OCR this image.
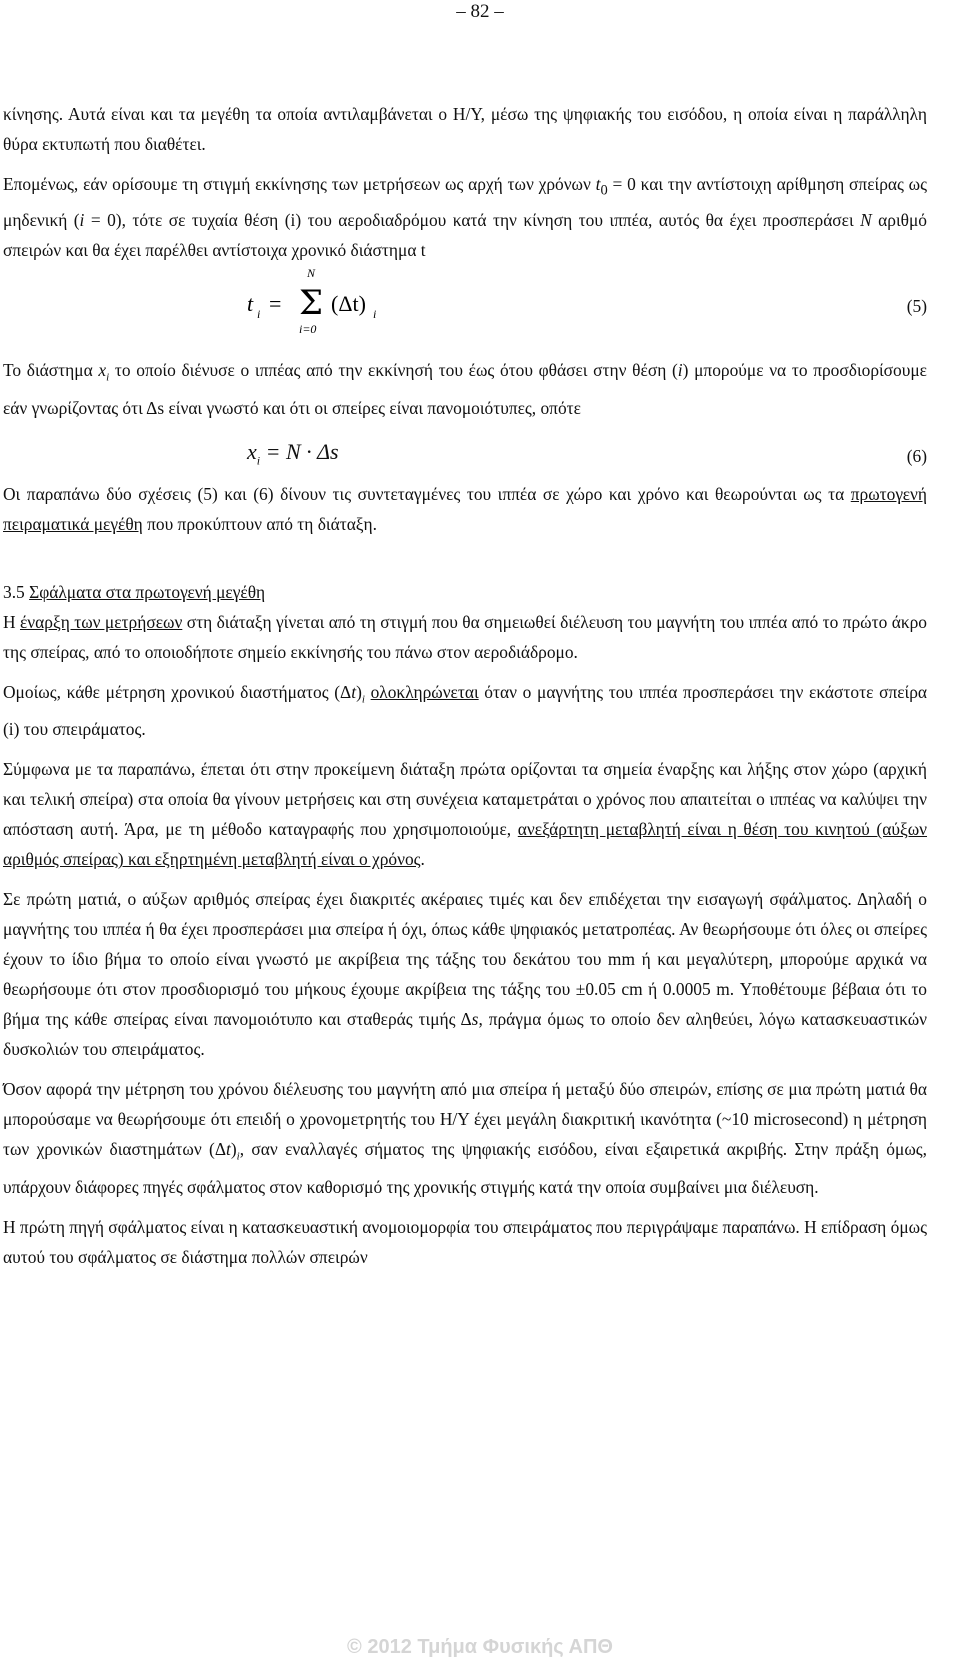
– 82 –

κίνησης. Αυτά είναι και τα μεγέθη τα οποία αντιλαμβάνεται ο Η/Υ, μέσω της ψηφιακής του εισόδου, η οποία είναι η παράλληλη θύρα εκτυπωτή που διαθέτει.

Επομένως, εάν ορίσουμε τη στιγμή εκκίνησης των μετρήσεων ως αρχή των χρόνων $t_0 = 0$ και την αντίστοιχη αρίθμηση σπείρας ως μηδενική (i = 0), τότε σε τυχαία θέση (i) του αεροδιαδρόμου κατά την κίνηση του ιππέα, αυτός θα έχει προσπεράσει N αριθμό σπειρών και θα έχει παρέλθει αντίστοιχα χρονικό διάστημα t

t i =
N
Σ
i=0
(Δt) i	(5)

Το διάστημα $x_i$ το οποίο διένυσε ο ιππέας από την εκκίνησή του έως ότου φθάσει στην θέση (i) μπορούμε να το προσδιορίσουμε εάν γνωρίζοντας ότι Δs είναι γνωστό και ότι οι σπείρες είναι πανομοιότυπες, οπότε

$x_i = N \cdot \Delta s$	(6)

Οι παραπάνω δύο σχέσεις (5) και (6) δίνουν τις συντεταγμένες του ιππέα σε χώρο και χρόνο και θεωρούνται ως τα πρωτογενή πειραματικά μεγέθη που προκύπτουν από τη διάταξη.

3.5 Σφάλματα στα πρωτογενή μεγέθη

Η έναρξη των μετρήσεων στη διάταξη γίνεται από τη στιγμή που θα σημειωθεί διέλευση του μαγνήτη του ιππέα από το πρώτο άκρο της σπείρας, από το οποιοδήποτε σημείο εκκίνησής του πάνω στον αεροδιάδρομο.

Ομοίως, κάθε μέτρηση χρονικού διαστήματος $(\Delta t)_i$ ολοκληρώνεται όταν ο μαγνήτης του ιππέα προσπεράσει την εκάστοτε σπείρα (i) του σπειράματος.

Σύμφωνα με τα παραπάνω, έπεται ότι στην προκείμενη διάταξη πρώτα ορίζονται τα σημεία έναρξης και λήξης στον χώρο (αρχική και τελική σπείρα) στα οποία θα γίνουν μετρήσεις και στη συνέχεια καταμετράται ο χρόνος που απαιτείται ο ιππέας να καλύψει την απόσταση αυτή. Άρα, με τη μέθοδο καταγραφής που χρησιμοποιούμε, ανεξάρτητη μεταβλητή είναι η θέση του κινητού (αύξων αριθμός σπείρας) και εξηρτημένη μεταβλητή είναι ο χρόνος.

Σε πρώτη ματιά, ο αύξων αριθμός σπείρας έχει διακριτές ακέραιες τιμές και δεν επιδέχεται την εισαγωγή σφάλματος. Δηλαδή ο μαγνήτης του ιππέα ή θα έχει προσπεράσει μια σπείρα ή όχι, όπως κάθε ψηφιακός μετατροπέας. Αν θεωρήσουμε ότι όλες οι σπείρες έχουν το ίδιο βήμα το οποίο είναι γνωστό με ακρίβεια της τάξης του δεκάτου του mm ή και μεγαλύτερη, μπορούμε αρχικά να θεωρήσουμε ότι στον προσδιορισμό του μήκους έχουμε ακρίβεια της τάξης του ±0.05 cm ή 0.0005 m. Υποθέτουμε βέβαια ότι το βήμα της κάθε σπείρας είναι πανομοιότυπο και σταθεράς τιμής Δs, πράγμα όμως το οποίο δεν αληθεύει, λόγω κατασκευαστικών δυσκολιών του σπειράματος.

Όσον αφορά την μέτρηση του χρόνου διέλευσης του μαγνήτη από μια σπείρα ή μεταξύ δύο σπειρών, επίσης σε μια πρώτη ματιά θα μπορούσαμε να θεωρήσουμε ότι επειδή ο χρονομετρητής του Η/Υ έχει μεγάλη διακριτική ικανότητα (~10 microsecond) η μέτρηση των χρονικών διαστημάτων $(\Delta t)_i$, σαν εναλλαγές σήματος της ψηφιακής εισόδου, είναι εξαιρετικά ακριβής. Στην πράξη όμως, υπάρχουν διάφορες πηγές σφάλματος στον καθορισμό της χρονικής στιγμής κατά την οποία συμβαίνει μια διέλευση.

Η πρώτη πηγή σφάλματος είναι η κατασκευαστική ανομοιομορφία του σπειράματος που περιγράψαμε παραπάνω. Η επίδραση όμως αυτού του σφάλματος σε διάστημα πολλών σπειρών

© 2012 Τμήμα Φυσικής ΑΠΘ
